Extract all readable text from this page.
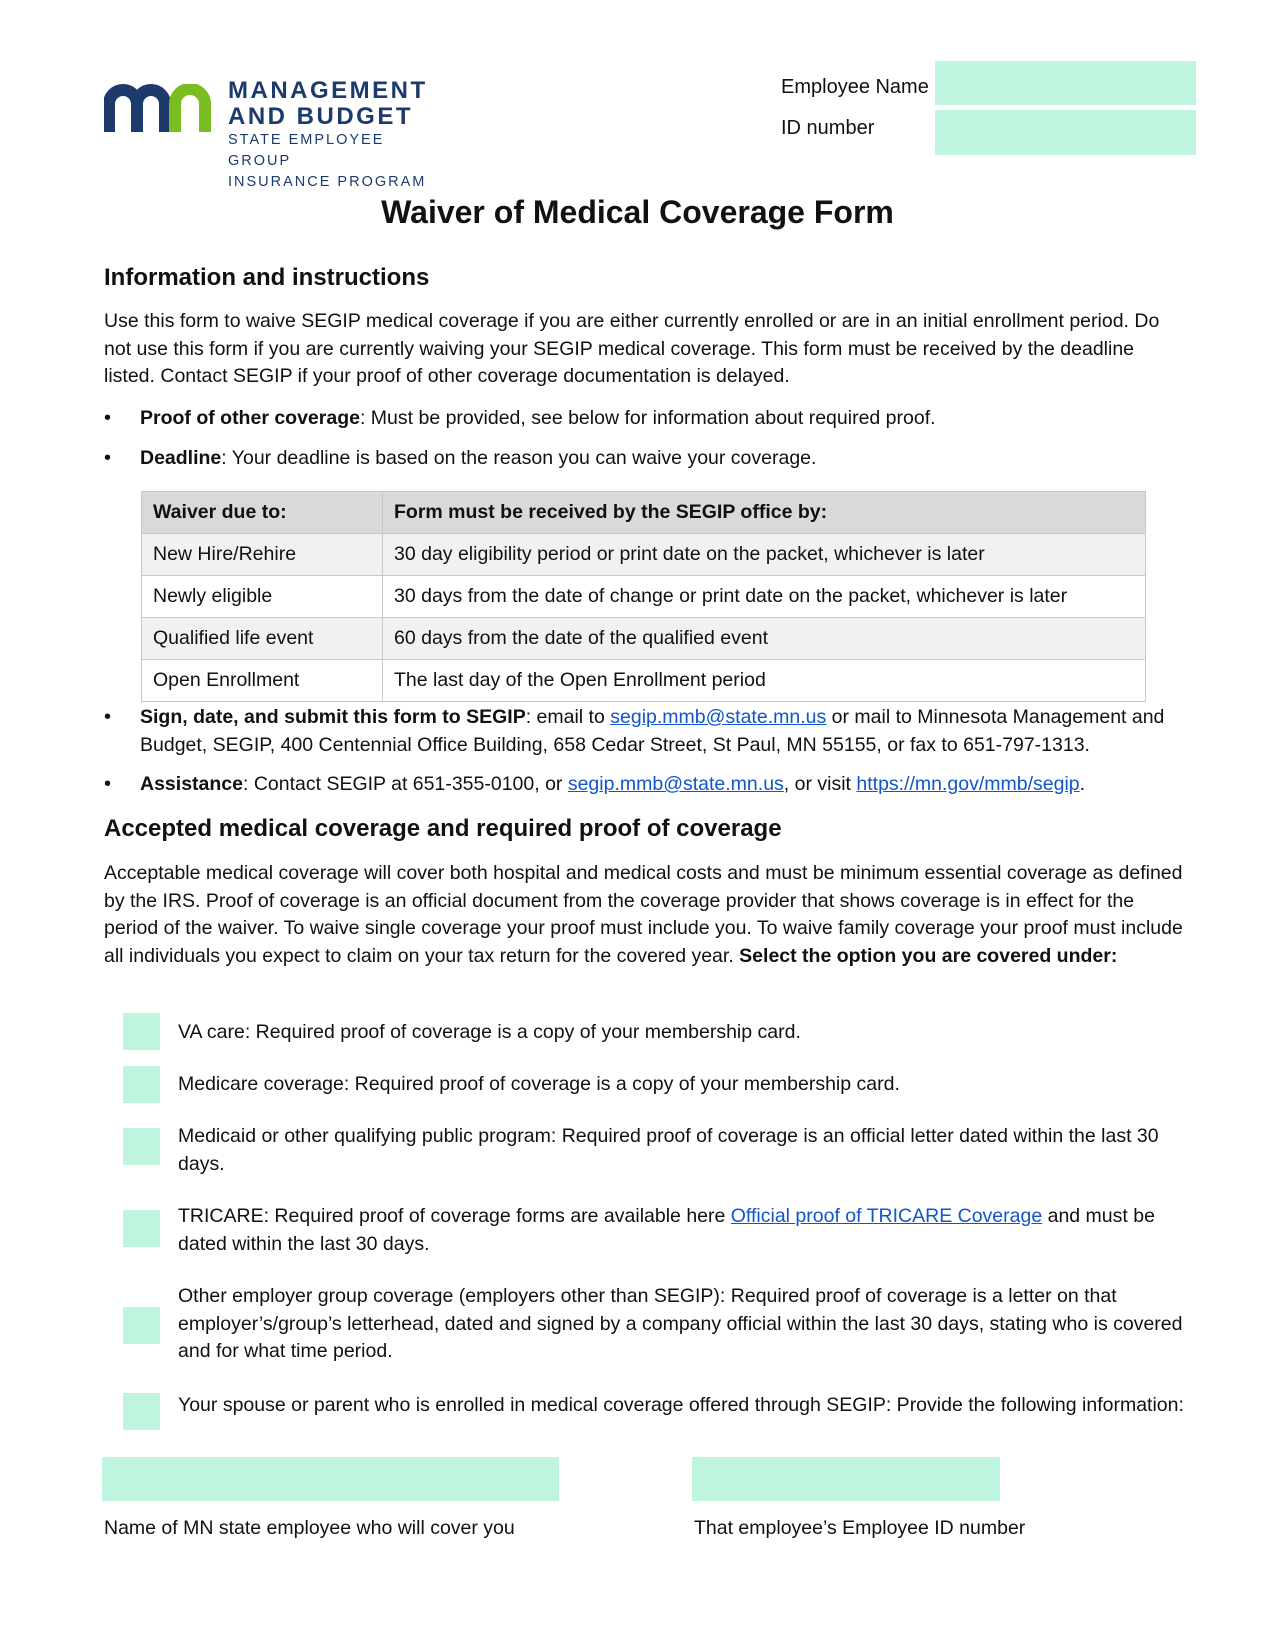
MANAGEMENT
AND BUDGET
STATE EMPLOYEE GROUP
INSURANCE PROGRAM
Employee Name
ID number
Waiver of Medical Coverage Form
Information and instructions
Use this form to waive SEGIP medical coverage if you are either currently enrolled or are in an initial enrollment period. Do not use this form if you are currently waiving your SEGIP medical coverage. This form must be received by the deadline listed. Contact SEGIP if your proof of other coverage documentation is delayed.
• Proof of other coverage: Must be provided, see below for information about required proof.
• Deadline: Your deadline is based on the reason you can waive your coverage.
Waiver due to:	Form must be received by the SEGIP office by:
New Hire/Rehire	30 day eligibility period or print date on the packet, whichever is later
Newly eligible	30 days from the date of change or print date on the packet, whichever is later
Qualified life event	60 days from the date of the qualified event
Open Enrollment	The last day of the Open Enrollment period
• Sign, date, and submit this form to SEGIP: email to segip.mmb@state.mn.us or mail to Minnesota Management and Budget, SEGIP, 400 Centennial Office Building, 658 Cedar Street, St Paul, MN 55155, or fax to 651-797-1313.
• Assistance: Contact SEGIP at 651-355-0100, or segip.mmb@state.mn.us, or visit https://mn.gov/mmb/segip.
Accepted medical coverage and required proof of coverage
Acceptable medical coverage will cover both hospital and medical costs and must be minimum essential coverage as defined by the IRS. Proof of coverage is an official document from the coverage provider that shows coverage is in effect for the period of the waiver. To waive single coverage your proof must include you. To waive family coverage your proof must include all individuals you expect to claim on your tax return for the covered year. Select the option you are covered under:
VA care: Required proof of coverage is a copy of your membership card.
Medicare coverage: Required proof of coverage is a copy of your membership card.
Medicaid or other qualifying public program: Required proof of coverage is an official letter dated within the last 30 days.
TRICARE: Required proof of coverage forms are available here Official proof of TRICARE Coverage and must be dated within the last 30 days.
Other employer group coverage (employers other than SEGIP): Required proof of coverage is a letter on that employer’s/group’s letterhead, dated and signed by a company official within the last 30 days, stating who is covered and for what time period.
Your spouse or parent who is enrolled in medical coverage offered through SEGIP: Provide the following information:
Name of MN state employee who will cover you	That employee’s Employee ID number
